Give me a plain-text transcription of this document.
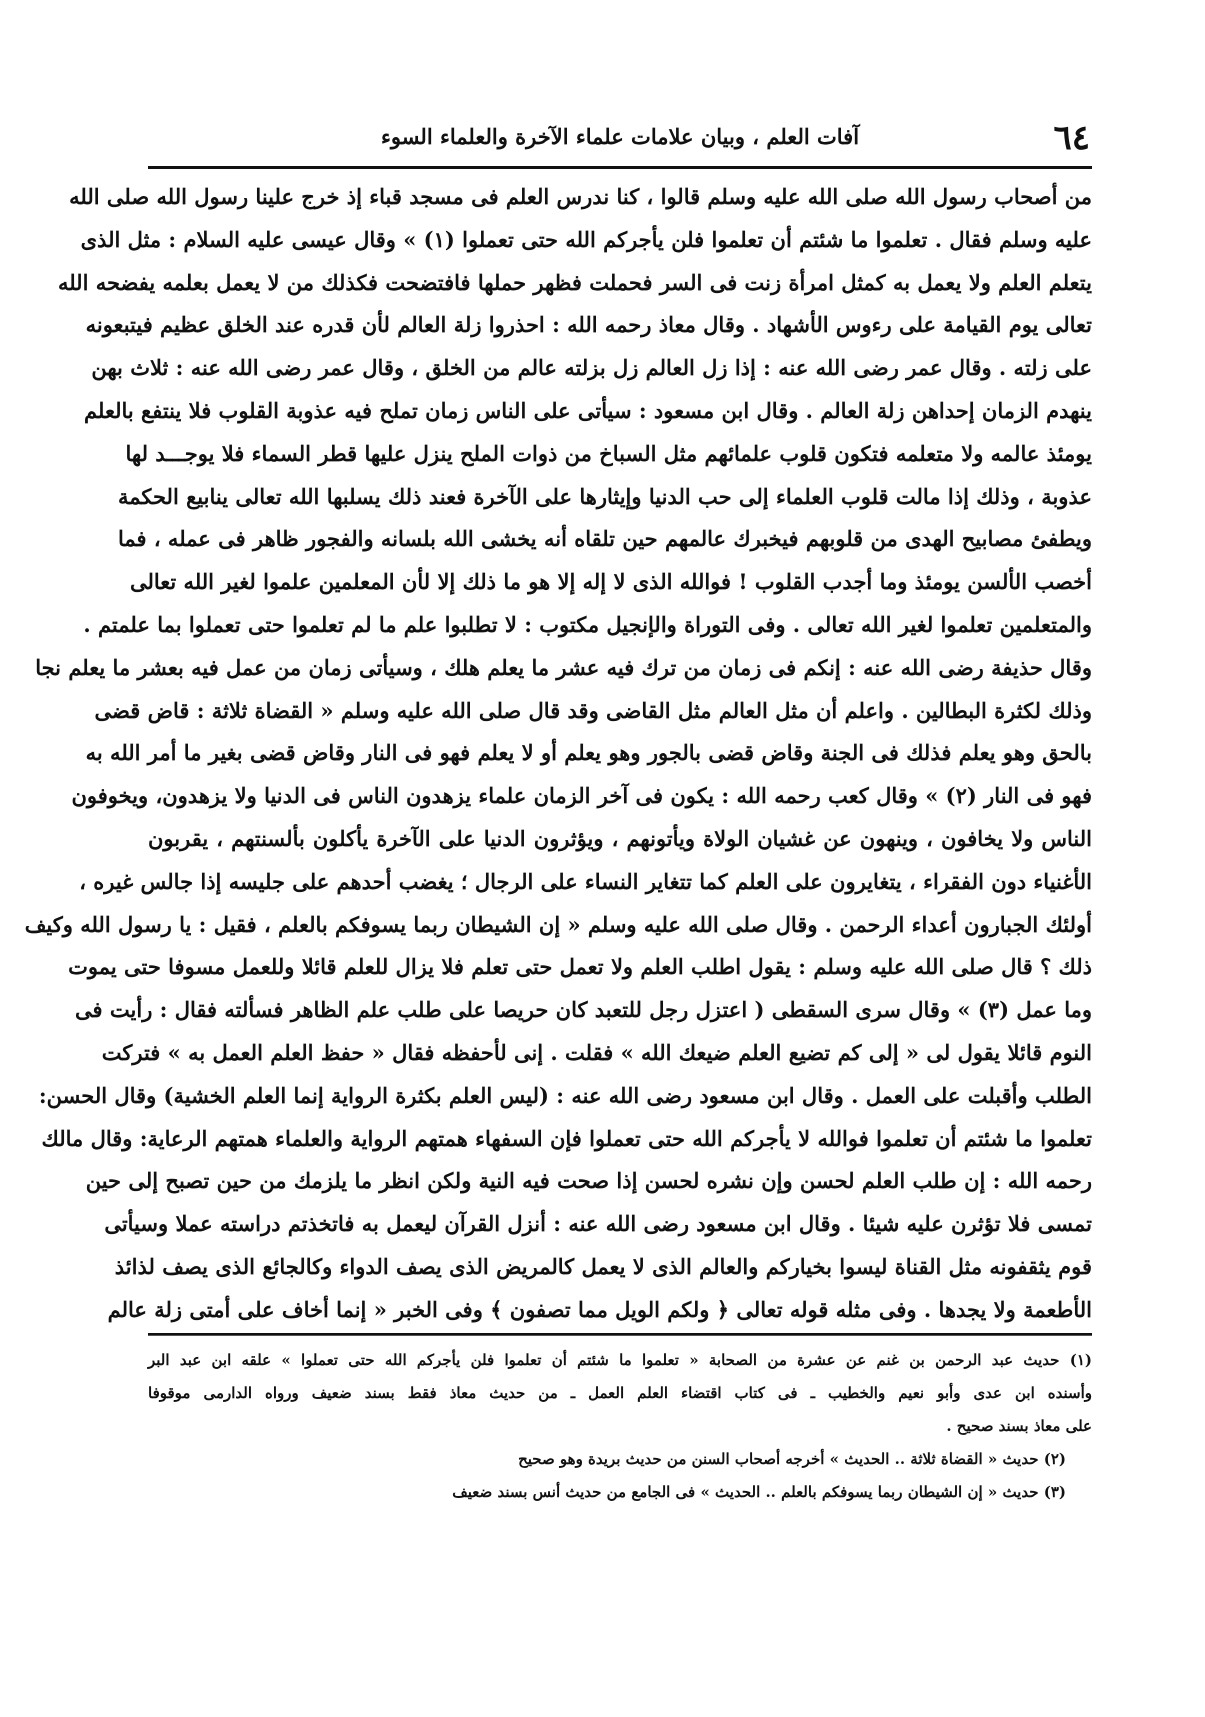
٦٤
آفات العلم ، وبيان علامات علماء الآخرة والعلماء السوء
من أصحاب رسول الله صلى الله عليه وسلم قالوا ، كنا ندرس العلم فى مسجد قباء إذ خرج علينا رسول الله صلى الله
عليه وسلم فقال . تعلموا ما شئتم أن تعلموا فلن يأجركم الله حتى تعملوا (١) » وقال عيسى عليه السلام : مثل الذى
يتعلم العلم ولا يعمل به كمثل امرأة زنت فى السر فحملت فظهر حملها فافتضحت فكذلك من لا يعمل بعلمه يفضحه الله
تعالى يوم القيامة على رءوس الأشهاد . وقال معاذ رحمه الله : احذروا زلة العالم لأن قدره عند الخلق عظيم فيتبعونه
على زلته . وقال عمر رضى الله عنه : إذا زل العالم زل بزلته عالم من الخلق ، وقال عمر رضى الله عنه : ثلاث بهن
ينهدم الزمان إحداهن زلة العالم . وقال ابن مسعود : سيأتى على الناس زمان تملح فيه عذوبة القلوب فلا ينتفع بالعلم
يومئذ عالمه ولا متعلمه فتكون قلوب علمائهم مثل السباخ من ذوات الملح ينزل عليها قطر السماء فلا يوجـــد لها
عذوبة ، وذلك إذا مالت قلوب العلماء إلى حب الدنيا وإيثارها على الآخرة فعند ذلك يسلبها الله تعالى ينابيع الحكمة
ويطفئ مصابيح الهدى من قلوبهم فيخبرك عالمهم حين تلقاه أنه يخشى الله بلسانه والفجور ظاهر فى عمله ، فما
أخصب الألسن يومئذ وما أجدب القلوب ! فوالله الذى لا إله إلا هو ما ذلك إلا لأن المعلمين علموا لغير الله تعالى
والمتعلمين تعلموا لغير الله تعالى . وفى التوراة والإنجيل مكتوب : لا تطلبوا علم ما لم تعلموا حتى تعملوا بما علمتم .
وقال حذيفة رضى الله عنه : إنكم فى زمان من ترك فيه عشر ما يعلم هلك ، وسيأتى زمان من عمل فيه بعشر ما يعلم نجا
وذلك لكثرة البطالين . واعلم أن مثل العالم مثل القاضى وقد قال صلى الله عليه وسلم « القضاة ثلاثة : قاض قضى
بالحق وهو يعلم فذلك فى الجنة وقاض قضى بالجور وهو يعلم أو لا يعلم فهو فى النار وقاض قضى بغير ما أمر الله به
فهو فى النار (٢) » وقال كعب رحمه الله : يكون فى آخر الزمان علماء يزهدون الناس فى الدنيا ولا يزهدون، ويخوفون
الناس ولا يخافون ، وينهون عن غشيان الولاة ويأتونهم ، ويؤثرون الدنيا على الآخرة يأكلون بألسنتهم ، يقربون
الأغنياء دون الفقراء ، يتغايرون على العلم كما تتغاير النساء على الرجال ؛ يغضب أحدهم على جليسه إذا جالس غيره ،
أولئك الجبارون أعداء الرحمن . وقال صلى الله عليه وسلم « إن الشيطان ربما يسوفكم بالعلم ، فقيل : يا رسول الله وكيف
ذلك ؟ قال صلى الله عليه وسلم : يقول اطلب العلم ولا تعمل حتى تعلم فلا يزال للعلم قائلا وللعمل مسوفا حتى يموت
وما عمل (٣) » وقال سرى السقطى ( اعتزل رجل للتعبد كان حريصا على طلب علم الظاهر فسألته فقال : رأيت فى
النوم قائلا يقول لى « إلى كم تضيع العلم ضيعك الله » فقلت . إنى لأحفظه فقال « حفظ العلم العمل به » فتركت
الطلب وأقبلت على العمل . وقال ابن مسعود رضى الله عنه : (ليس العلم بكثرة الرواية إنما العلم الخشية) وقال الحسن:
تعلموا ما شئتم أن تعلموا فوالله لا يأجركم الله حتى تعملوا فإن السفهاء همتهم الرواية والعلماء همتهم الرعاية: وقال مالك
رحمه الله : إن طلب العلم لحسن وإن نشره لحسن إذا صحت فيه النية ولكن انظر ما يلزمك من حين تصبح إلى حين
تمسى فلا تؤثرن عليه شيئا . وقال ابن مسعود رضى الله عنه : أنزل القرآن ليعمل به فاتخذتم دراسته عملا وسيأتى
قوم يثقفونه مثل القناة ليسوا بخياركم والعالم الذى لا يعمل كالمريض الذى يصف الدواء وكالجائع الذى يصف لذائذ
الأطعمة ولا يجدها . وفى مثله قوله تعالى ﴿ ولكم الويل مما تصفون ﴾ وفى الخبر « إنما أخاف على أمتى زلة عالم
(١) حديث عبد الرحمن بن غنم عن عشرة من الصحابة « تعلموا ما شئتم أن تعلموا فلن يأجركم الله حتى تعملوا » علقه ابن عبد البر
وأسنده ابن عدى وأبو نعيم والخطيب ـ فى كتاب اقتضاء العلم العمل ـ من حديث معاذ فقط بسند ضعيف ورواه الدارمى موقوفا
على معاذ بسند صحيح .
(٢) حديث « القضاة ثلاثة .. الحديث » أخرجه أصحاب السنن من حديث بريدة وهو صحيح
(٣) حديث « إن الشيطان ربما يسوفكم بالعلم .. الحديث » فى الجامع من حديث أنس بسند ضعيف
